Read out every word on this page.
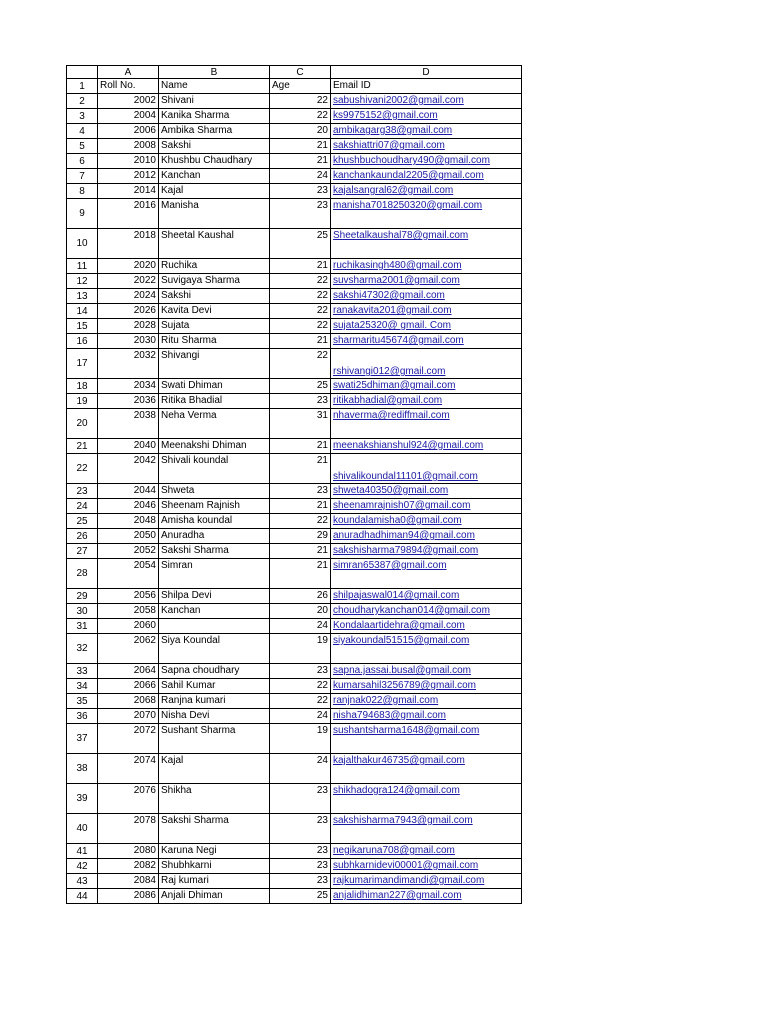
	A	B	C	D
1	Roll No.	Name	Age	Email ID
2	2002	Shivani	22	sabushivani2002@gmail.com
3	2004	Kanika Sharma	22	ks9975152@gmail.com
4	2006	Ambika Sharma	20	ambikagarg38@gmail.com
5	2008	Sakshi	21	sakshiattri07@gmail.com
6	2010	Khushbu Chaudhary	21	khushbuchoudhary490@gmail.com
7	2012	Kanchan	24	kanchankaundal2205@gmail.com
8	2014	Kajal	23	kajalsangral62@gmail.com
9	2016	Manisha	23	manisha7018250320@gmail.com
10	2018	Sheetal Kaushal	25	Sheetalkaushal78@gmail.com
11	2020	Ruchika	21	ruchikasingh480@gmail.com
12	2022	Suvigaya Sharma	22	suvsharma2001@gmail.com
13	2024	Sakshi	22	sakshi47302@gmail.com
14	2026	Kavita Devi	22	ranakavita201@gmail.com
15	2028	Sujata	22	sujata25320@ gmail. Com
16	2030	Ritu Sharma	21	sharmaritu45674@gmail.com
17	2032	Shivangi	22	rshivangi012@gmail.com
18	2034	Swati Dhiman	25	swati25dhiman@gmail.com
19	2036	Ritika Bhadial	23	ritikabhadial@gmail.com
20	2038	Neha Verma	31	nhaverma@rediffmail.com
21	2040	Meenakshi Dhiman	21	meenakshianshul924@gmail.com
22	2042	Shivali koundal	21	shivalikoundal11101@gmail.com
23	2044	Shweta	23	shweta40350@gmail.com
24	2046	Sheenam Rajnish	21	sheenamrajnish07@gmail.com
25	2048	Amisha koundal	22	koundalamisha0@gmail.com
26	2050	Anuradha	29	anuradhadhiman94@gmail.com
27	2052	Sakshi Sharma	21	sakshisharma79894@gmail.com
28	2054	Simran	21	simran65387@gmail.com
29	2056	Shilpa Devi	26	shilpajaswal014@gmail.com
30	2058	Kanchan	20	choudharykanchan014@gmail.com
31	2060		24	Kondalaartidehra@gmail.com
32	2062	Siya Koundal	19	siyakoundal51515@gmail.com
33	2064	Sapna choudhary	23	sapna.jassai.busal@gmail.com
34	2066	Sahil Kumar	22	kumarsahil3256789@gmail.com
35	2068	Ranjna kumari	22	ranjnak022@gmail.com
36	2070	Nisha Devi	24	nisha794683@gmail.com
37	2072	Sushant Sharma	19	sushantsharma1648@gmail.com
38	2074	Kajal	24	kajalthakur46735@gmail.com
39	2076	Shikha	23	shikhadogra124@gmail.com
40	2078	Sakshi Sharma	23	sakshisharma7943@gmail.com
41	2080	Karuna Negi	23	negikaruna708@gmail.com
42	2082	Shubhkarni	23	subhkarnidevi00001@gmail.com
43	2084	Raj kumari	23	rajkumarimandimandi@gmail.com
44	2086	Anjali Dhiman	25	anjalidhiman227@gmail.com
